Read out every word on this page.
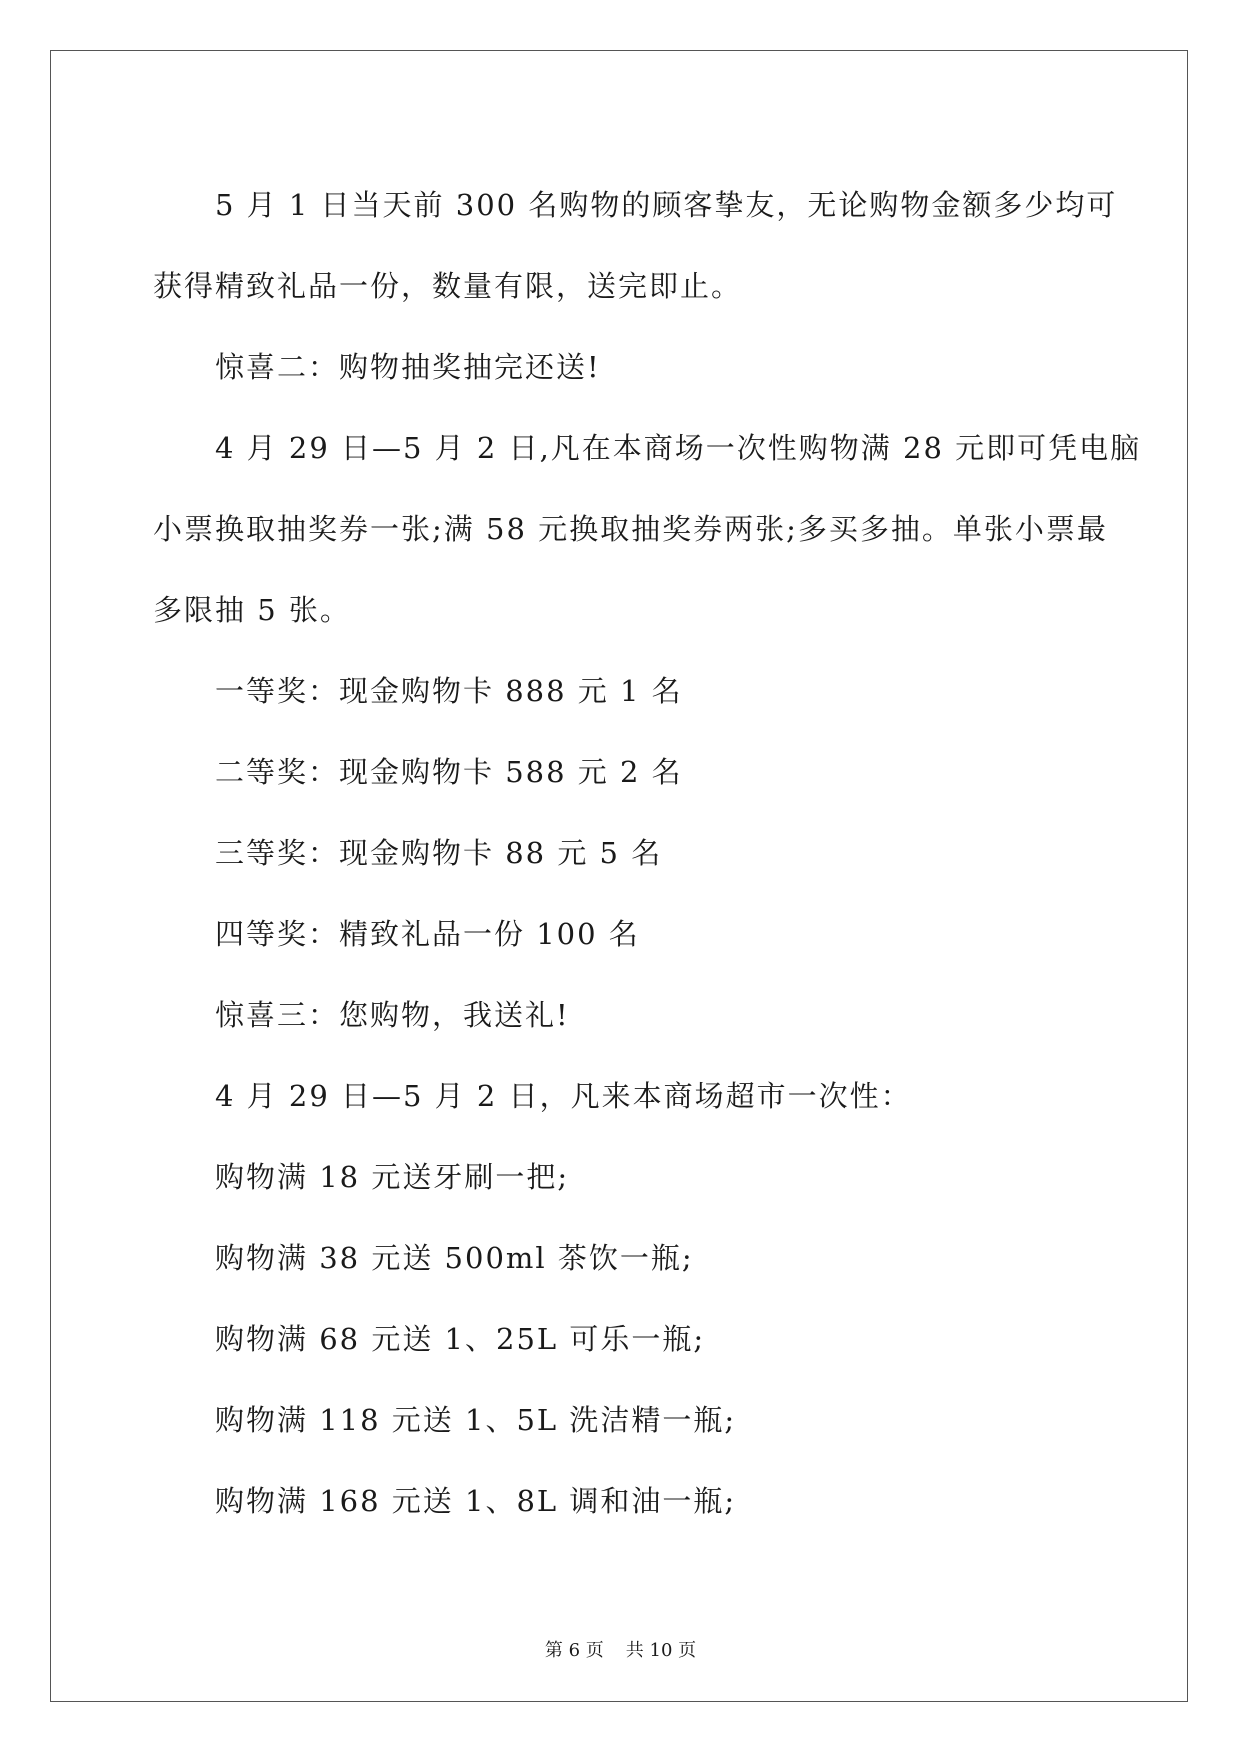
5 月 1 日当天前 300 名购物的顾客挚友，无论购物金额多少均可
获得精致礼品一份，数量有限，送完即止。
惊喜二：购物抽奖抽完还送!
4 月 29 日—5 月 2 日,凡在本商场一次性购物满 28 元即可凭电脑
小票换取抽奖券一张;满 58 元换取抽奖券两张;多买多抽。单张小票最
多限抽 5 张。
一等奖：现金购物卡 888 元 1 名
二等奖：现金购物卡 588 元 2 名
三等奖：现金购物卡 88 元 5 名
四等奖：精致礼品一份 100 名
惊喜三：您购物，我送礼!
4 月 29 日—5 月 2 日，凡来本商场超市一次性：
购物满 18 元送牙刷一把;
购物满 38 元送 500ml 茶饮一瓶;
购物满 68 元送 1、25L 可乐一瓶;
购物满 118 元送 1、5L 洗洁精一瓶;
购物满 168 元送 1、8L 调和油一瓶;
第 6 页 共 10 页
